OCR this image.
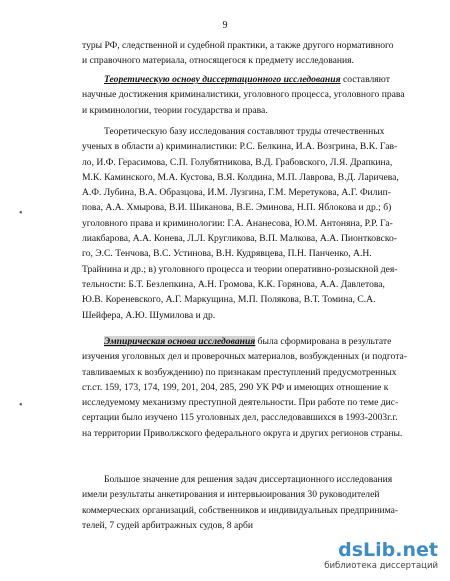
9
•
•
туры РФ, следственной и судебной практики, а также другого нормативного
и справочного материала, относящегося к предмету исследования.
Теоретическую основу диссертационного исследования составляют
научные достижения криминалистики, уголовного процесса, уголовного права
и криминологии, теории государства и права.
Теоретическую базу исследования составляют труды отечественных
ученых в области а) криминалистики: Р.С. Белкина, И.А. Возгрина, В.К. Гав-
ло, И.Ф. Герасимова, С.П. Голубятникова, В.Д. Грабовского, Л.Я. Драпкина,
М.К. Каминского, М.А. Кустова, В.Я. Колдина, М.П. Лаврова, В.Д. Ларичева,
А.Ф. Лубина, В.А. Образцова, И.М. Лузгина, Г.М. Меретукова, А.Г. Филип-
пова, А.А. Хмырова, В.И. Шиканова, В.Е. Эминова, Н.П. Яблокова и др.; б)
уголовного права и криминологии: Г.А. Ананесова, Ю.М. Антоняна, Р.Р. Га-
лиакбарова, А.А. Конева, Л.Л. Кругликова, В.П. Малкова, А.А. Пионтковско-
го, Э.С. Тенчова, В.С. Устинова, В.Н. Кудрявцева, П.Н. Панченко, А.Н.
Трайнина и др.; в) уголовного процесса и теории оперативно-розыскной дея-
тельности: Б.Т. Безлепкина, А.Н. Громова, К.К. Горянова, А.А. Давлетова,
Ю.В. Кореневского, А.Г. Маркущина, М.П. Полякова, В.Т. Томина, С.А.
Шейфера, А.Ю. Шумилова и др.
Эмпирическая основа исследования была сформирована в результате
изучения уголовных дел и проверочных материалов, возбужденных (и подгота-
тавливаемых к возбуждению) по признакам преступлений предусмотренных
ст.ст. 159, 173, 174, 199, 201, 204, 285, 290 УК РФ и имеющих отношение к
исследуемому механизму преступной деятельности. При работе по теме дис-
сертации было изучено 115 уголовных дел, расследовавшихся в 1993-2003г.г.
на территории Приволжского федерального округа и других регионов страны.
Большое значение для решения задач диссертационного исследования
имели результаты анкетирования и интервьюирования 30 руководителей
коммерческих организаций, собственников и индивидуальных предпринима-
телей, 7 судей арбитражных судов, 8 арби
dsLib.net
библиотека диссертаций
